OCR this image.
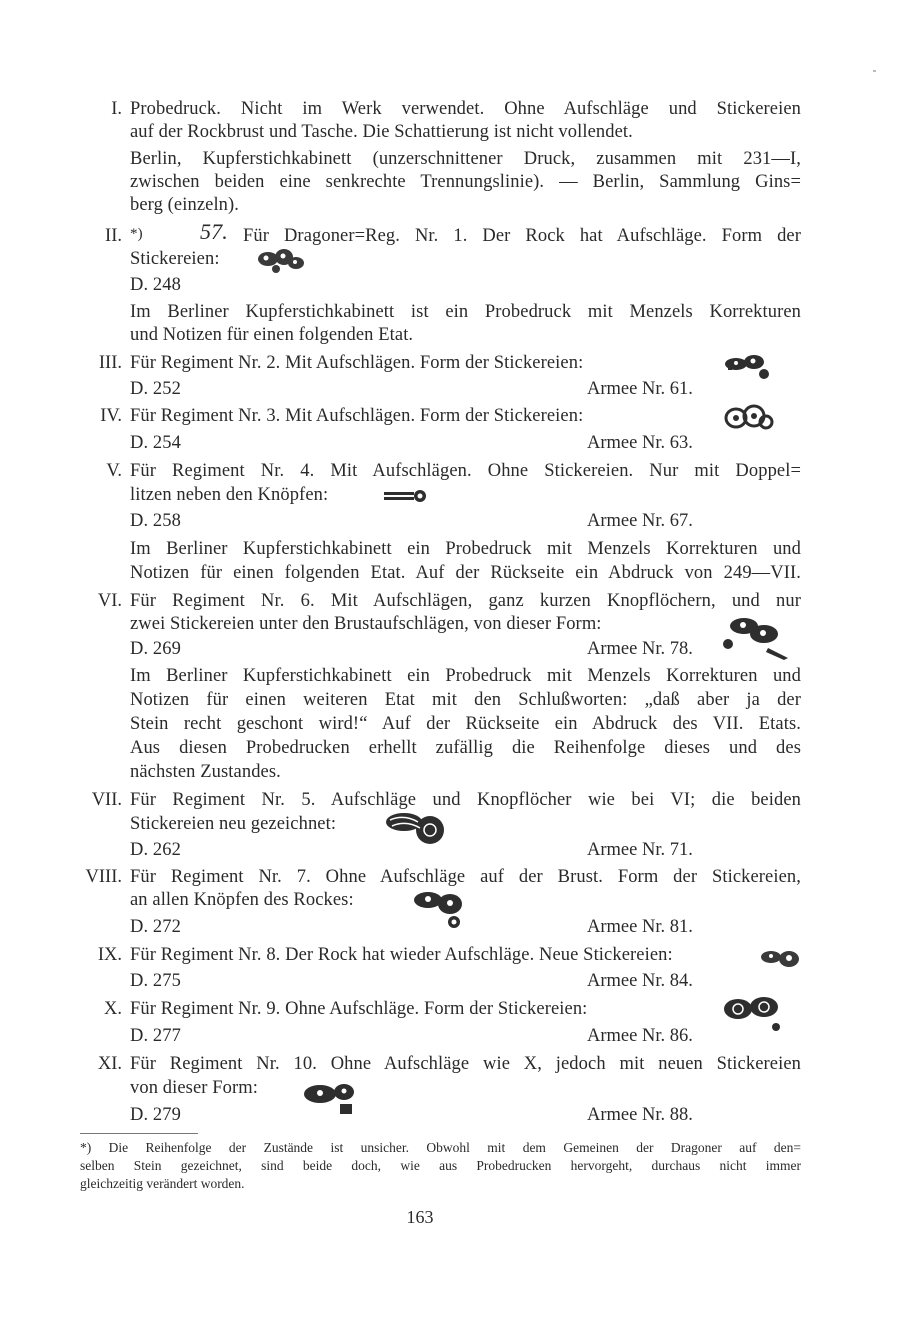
I. Probedruck. Nicht im Werk verwendet. Ohne Aufschläge und Stickereien
auf der Rockbrust und Tasche. Die Schattierung ist nicht vollendet.
Berlin, Kupferstichkabinett (unzerschnittener Druck, zusammen mit 231—I,
zwischen beiden eine senkrechte Trennungslinie). — Berlin, Sammlung Gins=
berg (einzeln).
II. *)	57. Für Dragoner=Reg. Nr. 1. Der Rock hat Aufschläge. Form der
Stickereien:
D. 248
Im Berliner Kupferstichkabinett ist ein Probedruck mit Menzels Korrekturen
und Notizen für einen folgenden Etat.
III. Für Regiment Nr. 2. Mit Aufschlägen. Form der Stickereien:
D. 252	Armee Nr. 61.
IV. Für Regiment Nr. 3. Mit Aufschlägen. Form der Stickereien:
D. 254	Armee Nr. 63.
V. Für Regiment Nr. 4. Mit Aufschlägen. Ohne Stickereien. Nur mit Doppel=
litzen neben den Knöpfen:
D. 258	Armee Nr. 67.
Im Berliner Kupferstichkabinett ein Probedruck mit Menzels Korrekturen und
Notizen für einen folgenden Etat. Auf der Rückseite ein Abdruck von 249—VII.
VI. Für Regiment Nr. 6. Mit Aufschlägen, ganz kurzen Knopflöchern, und nur
zwei Stickereien unter den Brustaufschlägen, von dieser Form:
D. 269	Armee Nr. 78.
Im Berliner Kupferstichkabinett ein Probedruck mit Menzels Korrekturen und
Notizen für einen weiteren Etat mit den Schlußworten: „daß aber ja der
Stein recht geschont wird!“ Auf der Rückseite ein Abdruck des VII. Etats.
Aus diesen Probedrucken erhellt zufällig die Reihenfolge dieses und des
nächsten Zustandes.
VII. Für Regiment Nr. 5. Aufschläge und Knopflöcher wie bei VI; die beiden
Stickereien neu gezeichnet:
D. 262	Armee Nr. 71.
VIII. Für Regiment Nr. 7. Ohne Aufschläge auf der Brust. Form der Stickereien,
an allen Knöpfen des Rockes:
D. 272	Armee Nr. 81.
IX. Für Regiment Nr. 8. Der Rock hat wieder Aufschläge. Neue Stickereien:
D. 275	Armee Nr. 84.
X. Für Regiment Nr. 9. Ohne Aufschläge. Form der Stickereien:
D. 277	Armee Nr. 86.
XI. Für Regiment Nr. 10. Ohne Aufschläge wie X, jedoch mit neuen Stickereien
von dieser Form:
D. 279	Armee Nr. 88.
*) Die Reihenfolge der Zustände ist unsicher. Obwohl mit dem Gemeinen der Dragoner auf den=
selben Stein gezeichnet, sind beide doch, wie aus Probedrucken hervorgeht, durchaus nicht immer
gleichzeitig verändert worden.
163
